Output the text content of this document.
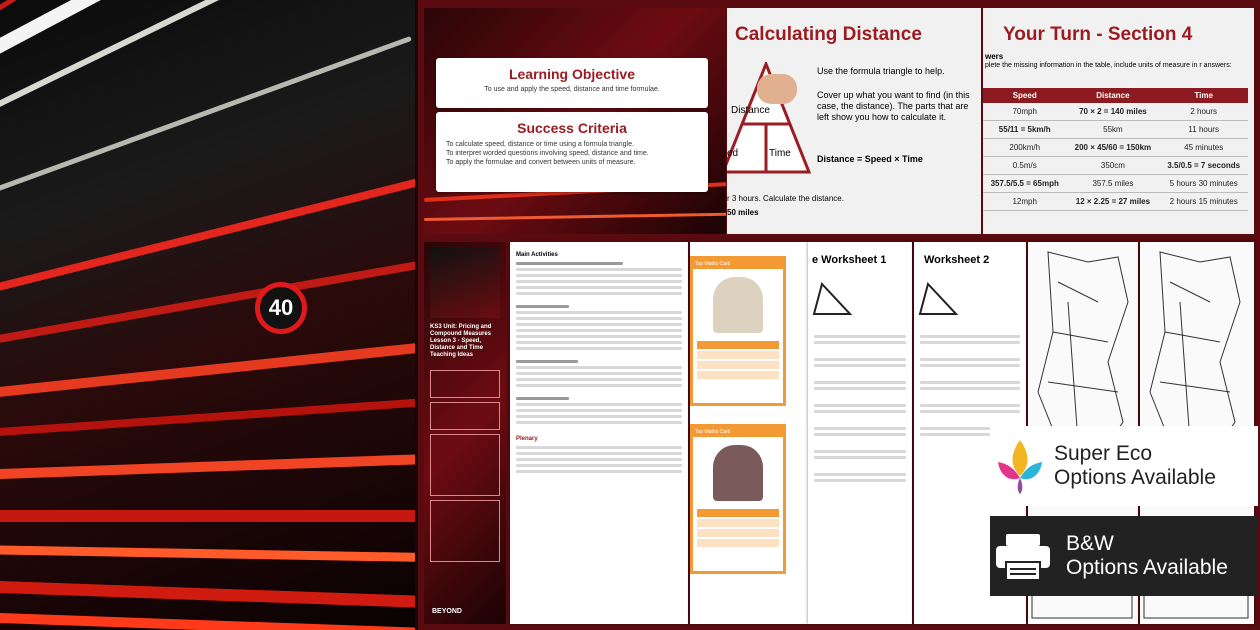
40
Learning Objective

To use and apply the speed, distance and time formulae.

Success Criteria

To calculate speed, distance or time using a formula triangle.

To interpret worded questions involving speed, distance and time.

To apply the formulae and convert between units of measure.

Calculating Distance
Distance
ed	Time
Use the formula triangle to help.
Cover up what you want to find (in this case, the distance). The parts that are left show you how to calculate it.
Distance = Speed × Time
r 3 hours. Calculate the distance.
50 miles
Your Turn - Section 4
wers
plete the missing information in the table, include units of measure in r answers:
Speed	Distance	Time
70mph	70 × 2 = 140 miles	2 hours
55/11 = 5km/h	55km	11 hours
200km/h	200 × 45/60 = 150km	45 minutes
0.5m/s	350cm	3.5/0.5 = 7 seconds
357.5/5.5 = 65mph	357.5 miles	5 hours 30 minutes
12mph	12 × 2.25 = 27 miles	2 hours 15 minutes
KS3 Unit: Pricing and Compound Measures Lesson 3 - Speed, Distance and Time Teaching Ideas
BEYOND
Main Activities
Plenary
Top Maths Card
Top Maths Card
e Worksheet 1	Worksheet 2
Super Eco
Options Available
B&W
Options Available
